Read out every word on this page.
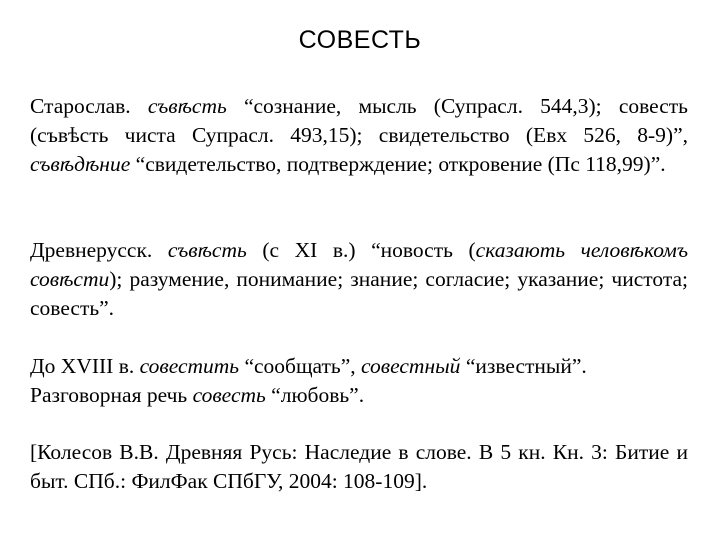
СОВЕСТЬ

Старослав. съвѣсть “сознание, мысль (Супрасл. 544,3); совесть (съвѣсть чиста Супрасл. 493,15); свидетельство (Евх 526, 8-9)”, съвѣдѣние “свидетельство, подтверждение; откровение (Пс 118,99)”.

Древнерусск. съвѣсть (с XI в.) “новость (сказають человѣкомъ совѣсти); разумение, понимание; знание; согласие; указание; чистота; совесть”.

До XVIII в. совестить “сообщать”, совестный “известный”.
Разговорная речь совесть “любовь”.

[Колесов В.В. Древняя Русь: Наследие в слове. В 5 кн. Кн. 3: Битие и быт. СПб.: ФилФак СПбГУ, 2004: 108-109].
